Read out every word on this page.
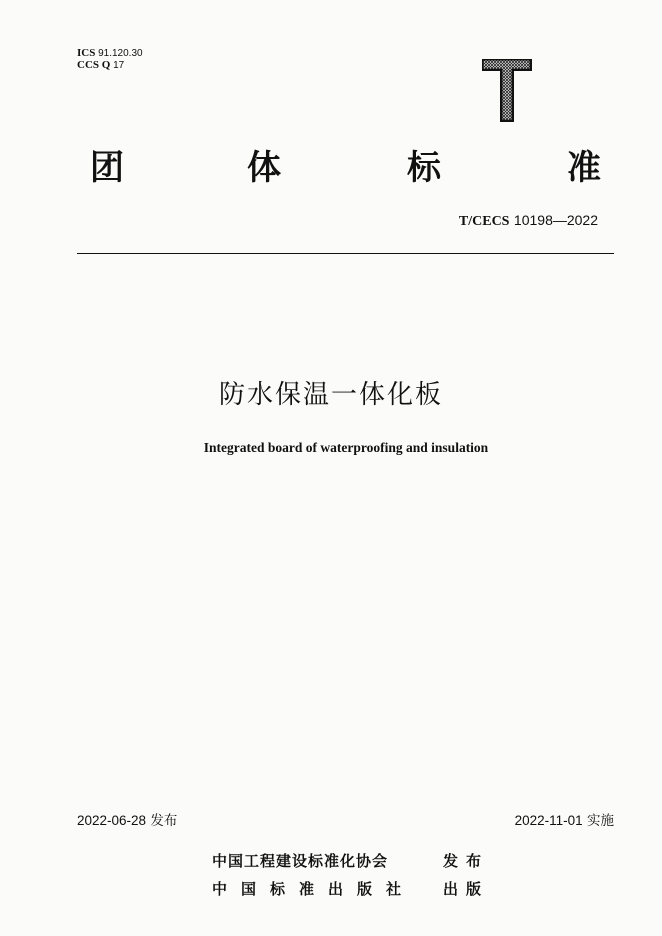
ICS 91.120.30
CCS Q 17
团	体	标	准
T/CECS 10198—2022
防水保温一体化板
Integrated board of waterproofing and insulation
2022-06-28 发布	2022-11-01 实施
中国工程建设标准化协会	发布
中国标准出版社 出版
